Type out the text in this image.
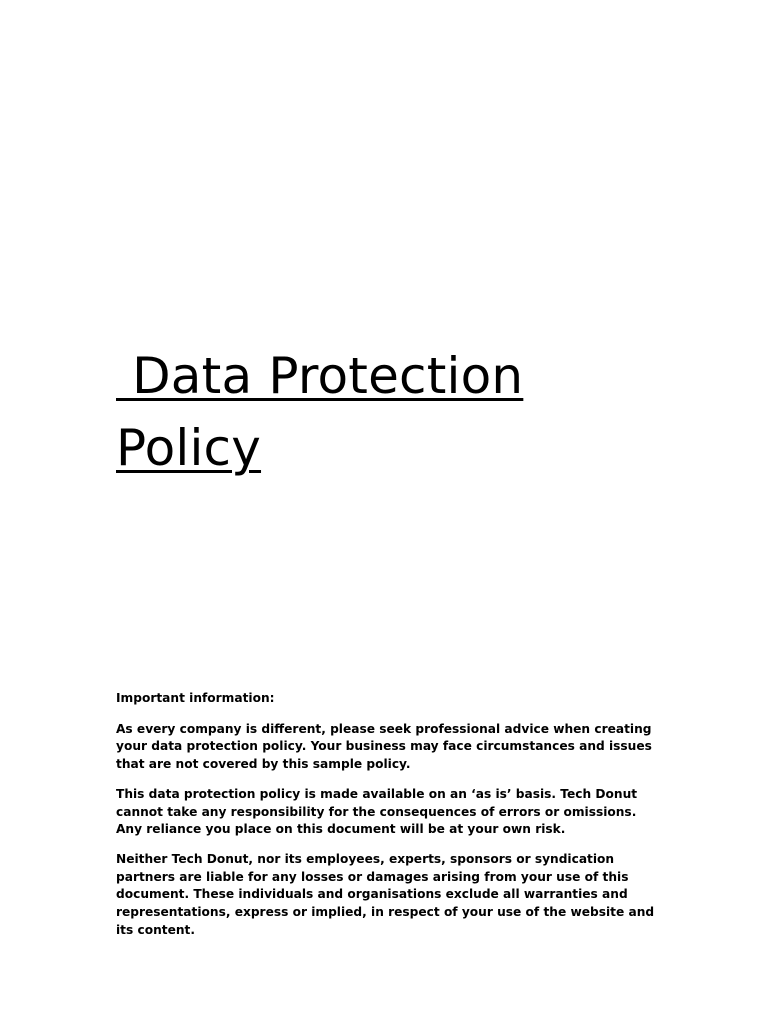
Data Protection
Policy

Important information:

As every company is different, please seek professional advice when creating your data protection policy. Your business may face circumstances and issues that are not covered by this sample policy.

This data protection policy is made available on an ‘as is’ basis. Tech Donut cannot take any responsibility for the consequences of errors or omissions. Any reliance you place on this document will be at your own risk.

Neither Tech Donut, nor its employees, experts, sponsors or syndication partners are liable for any losses or damages arising from your use of this document. These individuals and organisations exclude all warranties and representations, express or implied, in respect of your use of the website and its content.
